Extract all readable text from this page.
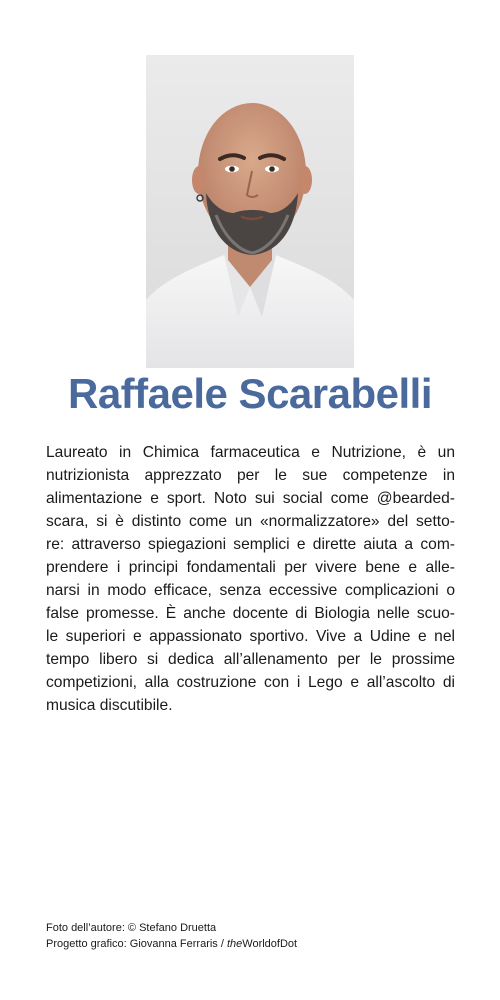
Raffaele Scarabelli
Laureato in Chimica farmaceutica e Nutrizione, è un
nutrizionista apprezzato per le sue competenze in
alimentazione e sport. Noto sui social come @bearded-
scara, si è distinto come un «normalizzatore» del setto-
re: attraverso spiegazioni semplici e dirette aiuta a com-
prendere i principi fondamentali per vivere bene e alle-
narsi in modo efficace, senza eccessive complicazioni o
false promesse. È anche docente di Biologia nelle scuo-
le superiori e appassionato sportivo. Vive a Udine e nel
tempo libero si dedica all’allenamento per le prossime
competizioni, alla costruzione con i Lego e all’ascolto di
musica discutibile.
Foto dell’autore: © Stefano Druetta
Progetto grafico: Giovanna Ferraris / theWorldofDot
